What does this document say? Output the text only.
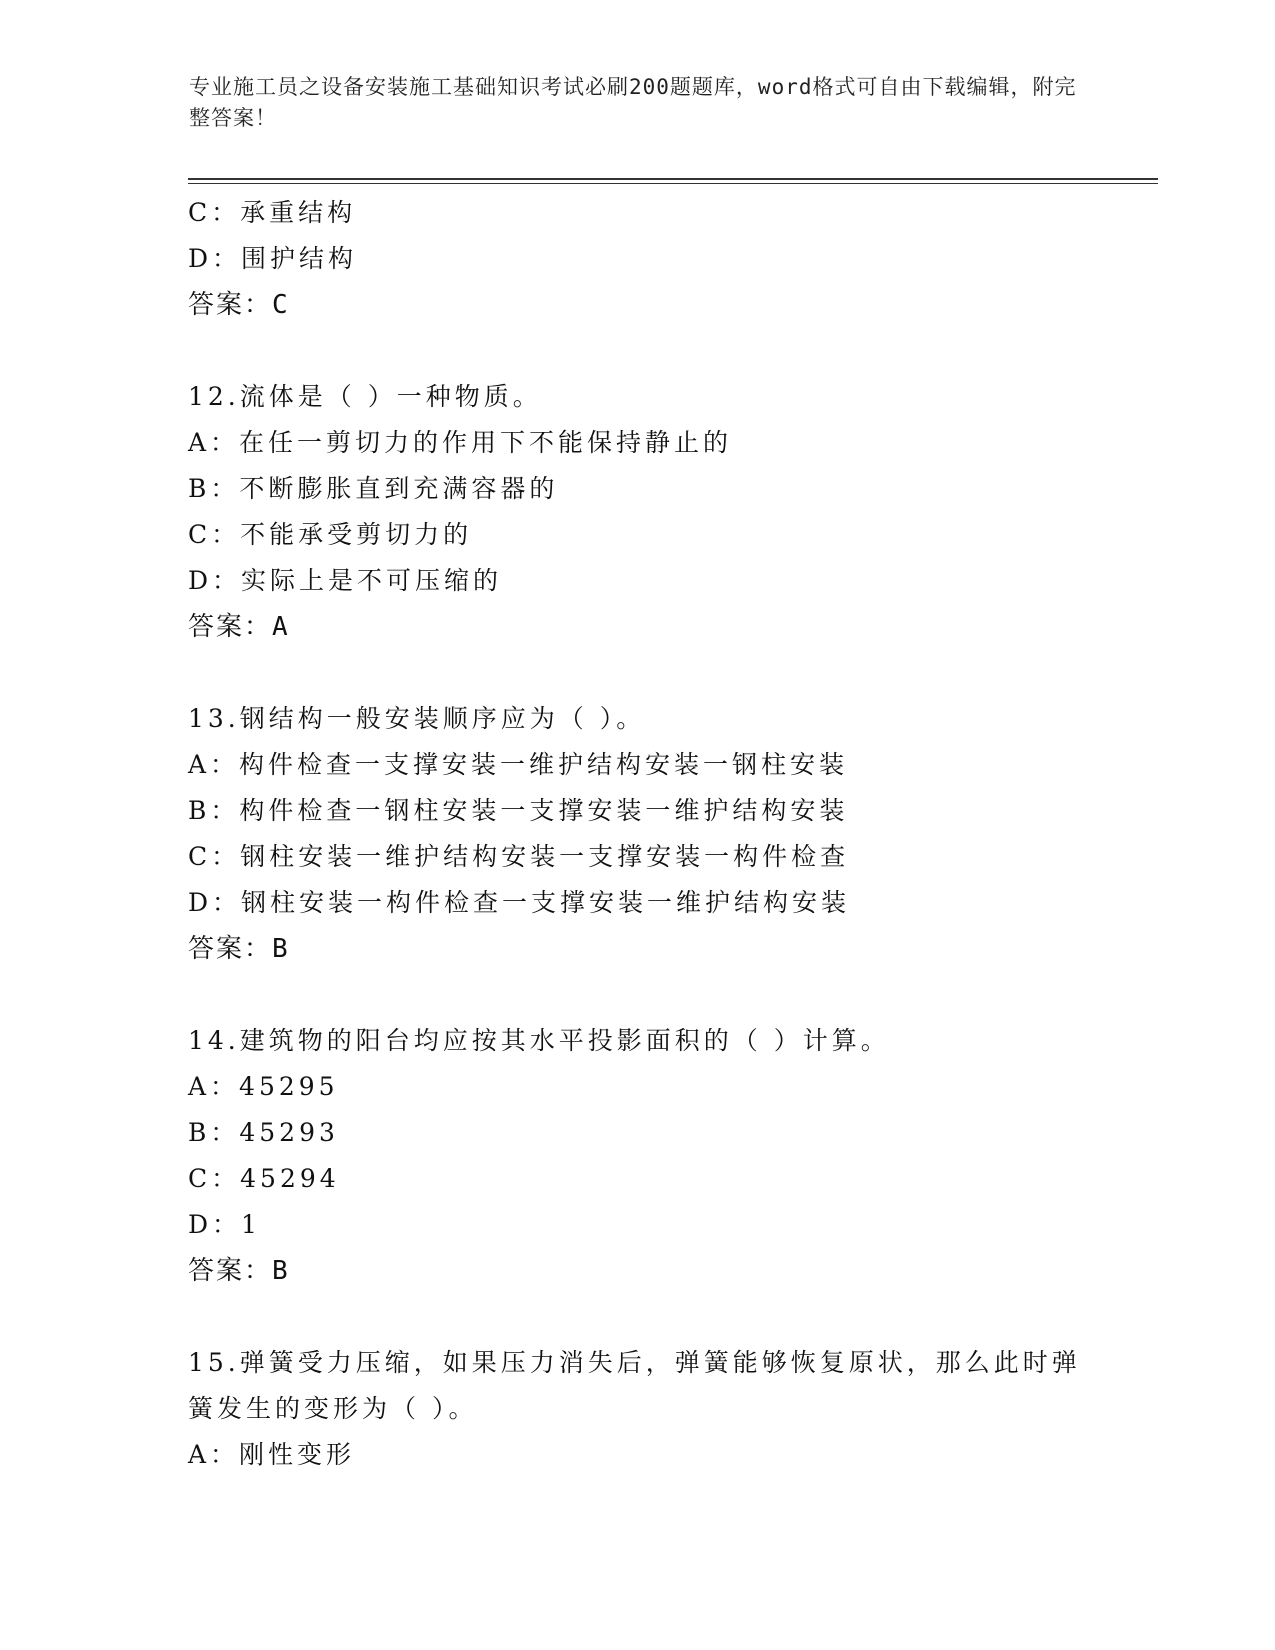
专业施工员之设备安装施工基础知识考试必刷200题题库，word格式可自由下载编辑，附完整答案！
C：承重结构
D：围护结构
答案：C
12.流体是（ ）一种物质。
A：在任一剪切力的作用下不能保持静止的
B：不断膨胀直到充满容器的
C：不能承受剪切力的
D：实际上是不可压缩的
答案：A
13.钢结构一般安装顺序应为（ ）。
A：构件检查一支撑安装一维护结构安装一钢柱安装
B：构件检查一钢柱安装一支撑安装一维护结构安装
C：钢柱安装一维护结构安装一支撑安装一构件检查
D：钢柱安装一构件检查一支撑安装一维护结构安装
答案：B
14.建筑物的阳台均应按其水平投影面积的（ ）计算。
A：45295
B：45293
C：45294
D：1
答案：B
15.弹簧受力压缩，如果压力消失后，弹簧能够恢复原状，那么此时弹簧发生的变形为（ ）。
A：刚性变形
